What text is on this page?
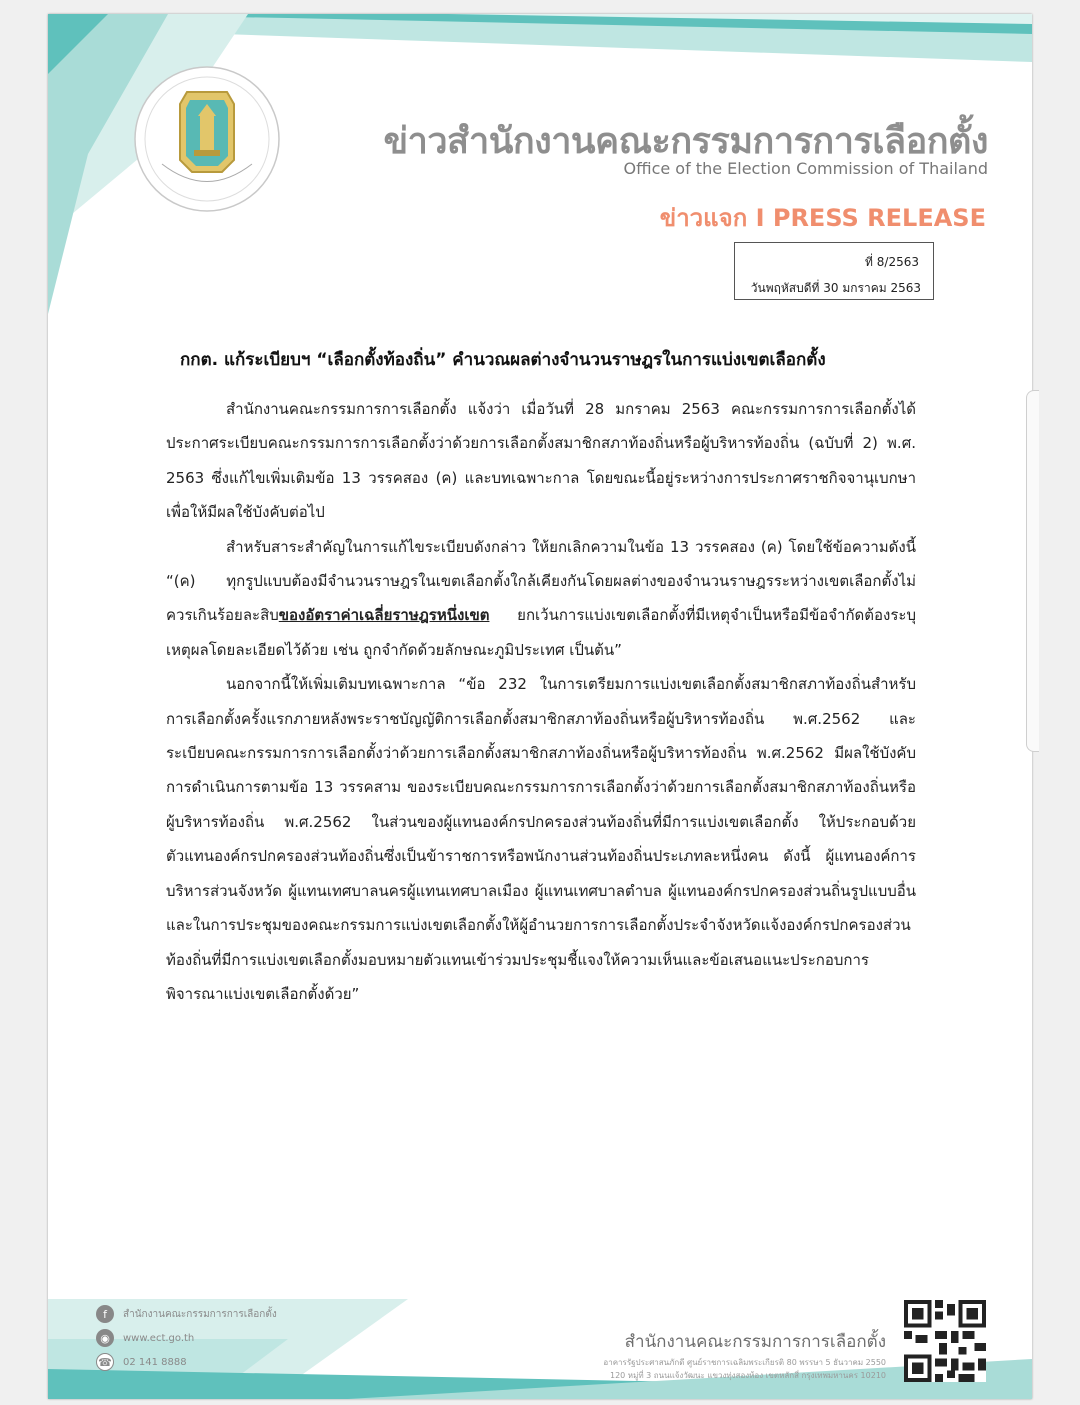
ข่าวสำนักงานคณะกรรมการการเลือกตั้ง
Office of the Election Commission of Thailand
ข่าวแจก I PRESS RELEASE
ที่ 8/2563
วันพฤหัสบดีที่ 30 มกราคม 2563
กกต. แก้ระเบียบฯ “เลือกตั้งท้องถิ่น” คำนวณผลต่างจำนวนราษฎรในการแบ่งเขตเลือกตั้ง

สำนักงานคณะกรรมการการเลือกตั้ง แจ้งว่า เมื่อวันที่ 28 มกราคม 2563 คณะกรรมการการเลือกตั้งได้ประกาศระเบียบคณะกรรมการการเลือกตั้งว่าด้วยการเลือกตั้งสมาชิกสภาท้องถิ่นหรือผู้บริหารท้องถิ่น (ฉบับที่ 2) พ.ศ. 2563 ซึ่งแก้ไขเพิ่มเติมข้อ 13 วรรคสอง (ค) และบทเฉพาะกาล โดยขณะนี้อยู่ระหว่างการประกาศราชกิจจานุเบกษาเพื่อให้มีผลใช้บังคับต่อไป

สำหรับสาระสำคัญในการแก้ไขระเบียบดังกล่าว ให้ยกเลิกความในข้อ 13 วรรคสอง (ค) โดยใช้ข้อความดังนี้ “(ค) ทุกรูปแบบต้องมีจำนวนราษฎรในเขตเลือกตั้งใกล้เคียงกันโดยผลต่างของจำนวนราษฎรระหว่างเขตเลือกตั้งไม่ควรเกินร้อยละสิบของอัตราค่าเฉลี่ยราษฎรหนึ่งเขต ยกเว้นการแบ่งเขตเลือกตั้งที่มีเหตุจำเป็นหรือมีข้อจำกัดต้องระบุเหตุผลโดยละเอียดไว้ด้วย เช่น ถูกจำกัดด้วยลักษณะภูมิประเทศ เป็นต้น”

นอกจากนี้ให้เพิ่มเติมบทเฉพาะกาล “ข้อ 232 ในการเตรียมการแบ่งเขตเลือกตั้งสมาชิกสภาท้องถิ่นสำหรับการเลือกตั้งครั้งแรกภายหลังพระราชบัญญัติการเลือกตั้งสมาชิกสภาท้องถิ่นหรือผู้บริหารท้องถิ่น พ.ศ.2562 และระเบียบคณะกรรมการการเลือกตั้งว่าด้วยการเลือกตั้งสมาชิกสภาท้องถิ่นหรือผู้บริหารท้องถิ่น พ.ศ.2562 มีผลใช้บังคับ การดำเนินการตามข้อ 13 วรรคสาม ของระเบียบคณะกรรมการการเลือกตั้งว่าด้วยการเลือกตั้งสมาชิกสภาท้องถิ่นหรือผู้บริหารท้องถิ่น พ.ศ.2562 ในส่วนของผู้แทนองค์กรปกครองส่วนท้องถิ่นที่มีการแบ่งเขตเลือกตั้ง ให้ประกอบด้วยตัวแทนองค์กรปกครองส่วนท้องถิ่นซึ่งเป็นข้าราชการหรือพนักงานส่วนท้องถิ่นประเภทละหนึ่งคน ดังนี้ ผู้แทนองค์การบริหารส่วนจังหวัด ผู้แทนเทศบาลนครผู้แทนเทศบาลเมือง ผู้แทนเทศบาลตำบล ผู้แทนองค์กรปกครองส่วนถิ่นรูปแบบอื่น และในการประชุมของคณะกรรมการแบ่งเขตเลือกตั้งให้ผู้อำนวยการการเลือกตั้งประจำจังหวัดแจ้งองค์กรปกครองส่วนท้องถิ่นที่มีการแบ่งเขตเลือกตั้งมอบหมายตัวแทนเข้าร่วมประชุมชี้แจงให้ความเห็นและข้อเสนอแนะประกอบการพิจารณาแบ่งเขตเลือกตั้งด้วย”

f	สำนักงานคณะกรรมการการเลือกตั้ง
◉	www.ect.go.th
☎ 02 141 8888
สำนักงานคณะกรรมการการเลือกตั้ง
อาคารรัฐประศาสนภักดี ศูนย์ราชการเฉลิมพระเกียรติ 80 พรรษา 5 ธันวาคม 2550
120 หมู่ที่ 3 ถนนแจ้งวัฒนะ แขวงทุ่งสองห้อง เขตหลักสี่ กรุงเทพมหานคร 10210
